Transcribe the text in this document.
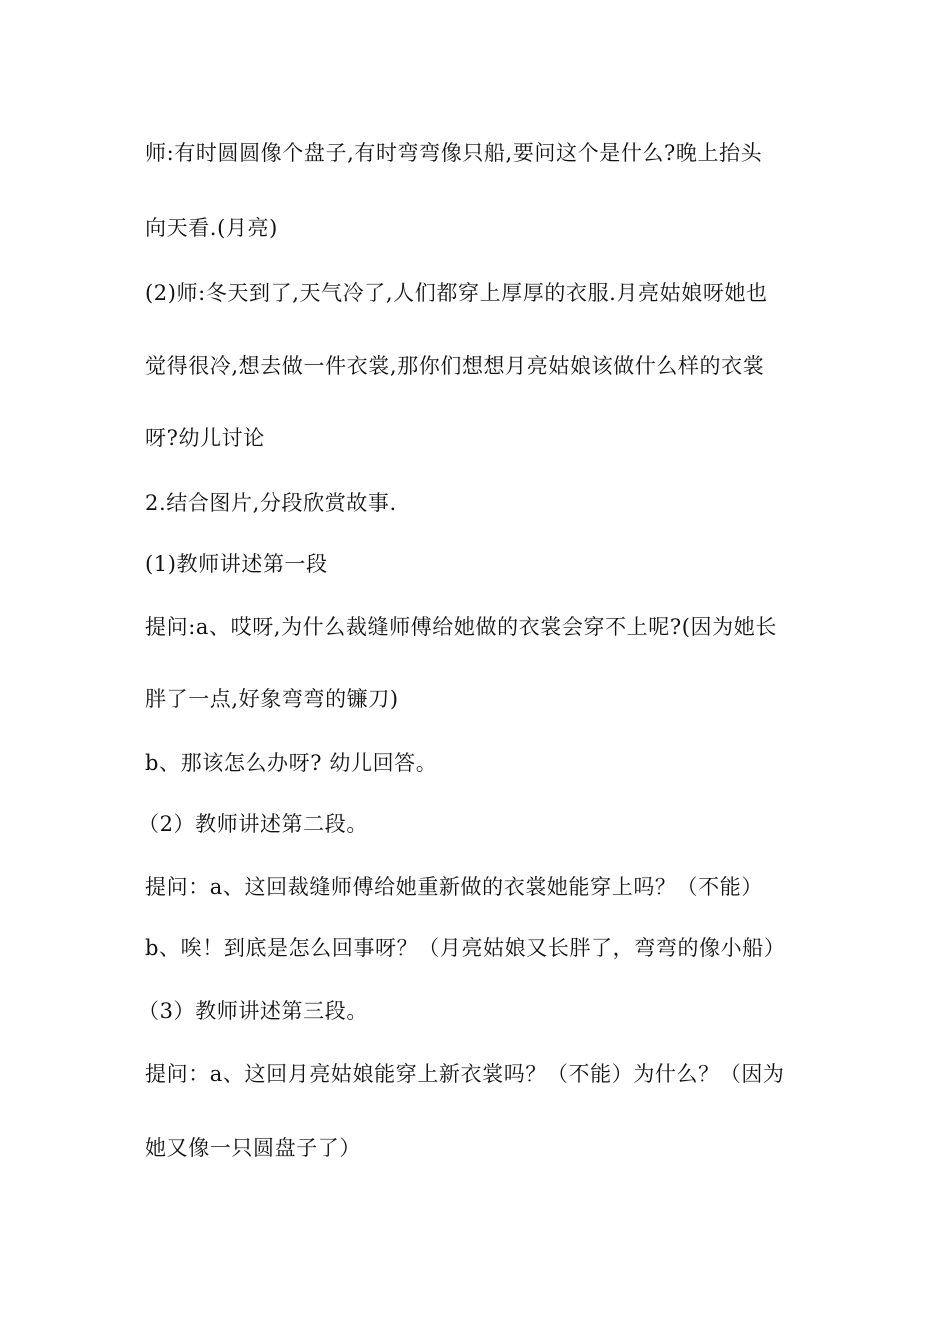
师:有时圆圆像个盘子,有时弯弯像只船,要问这个是什么?晚上抬头
向天看.(月亮)
(2)师:冬天到了,天气冷了,人们都穿上厚厚的衣服.月亮姑娘呀她也
觉得很冷,想去做一件衣裳,那你们想想月亮姑娘该做什么样的衣裳
呀?幼儿讨论
2.结合图片,分段欣赏故事.
(1)教师讲述第一段
提问:a、哎呀,为什么裁缝师傅给她做的衣裳会穿不上呢?(因为她长
胖了一点,好象弯弯的镰刀)
b、那该怎么办呀? 幼儿回答。
（2）教师讲述第二段。
提问：a、这回裁缝师傅给她重新做的衣裳她能穿上吗？（不能）
b、唉！到底是怎么回事呀？（月亮姑娘又长胖了，弯弯的像小船）
（3）教师讲述第三段。
提问：a、这回月亮姑娘能穿上新衣裳吗？（不能）为什么？（因为
她又像一只圆盘子了）
